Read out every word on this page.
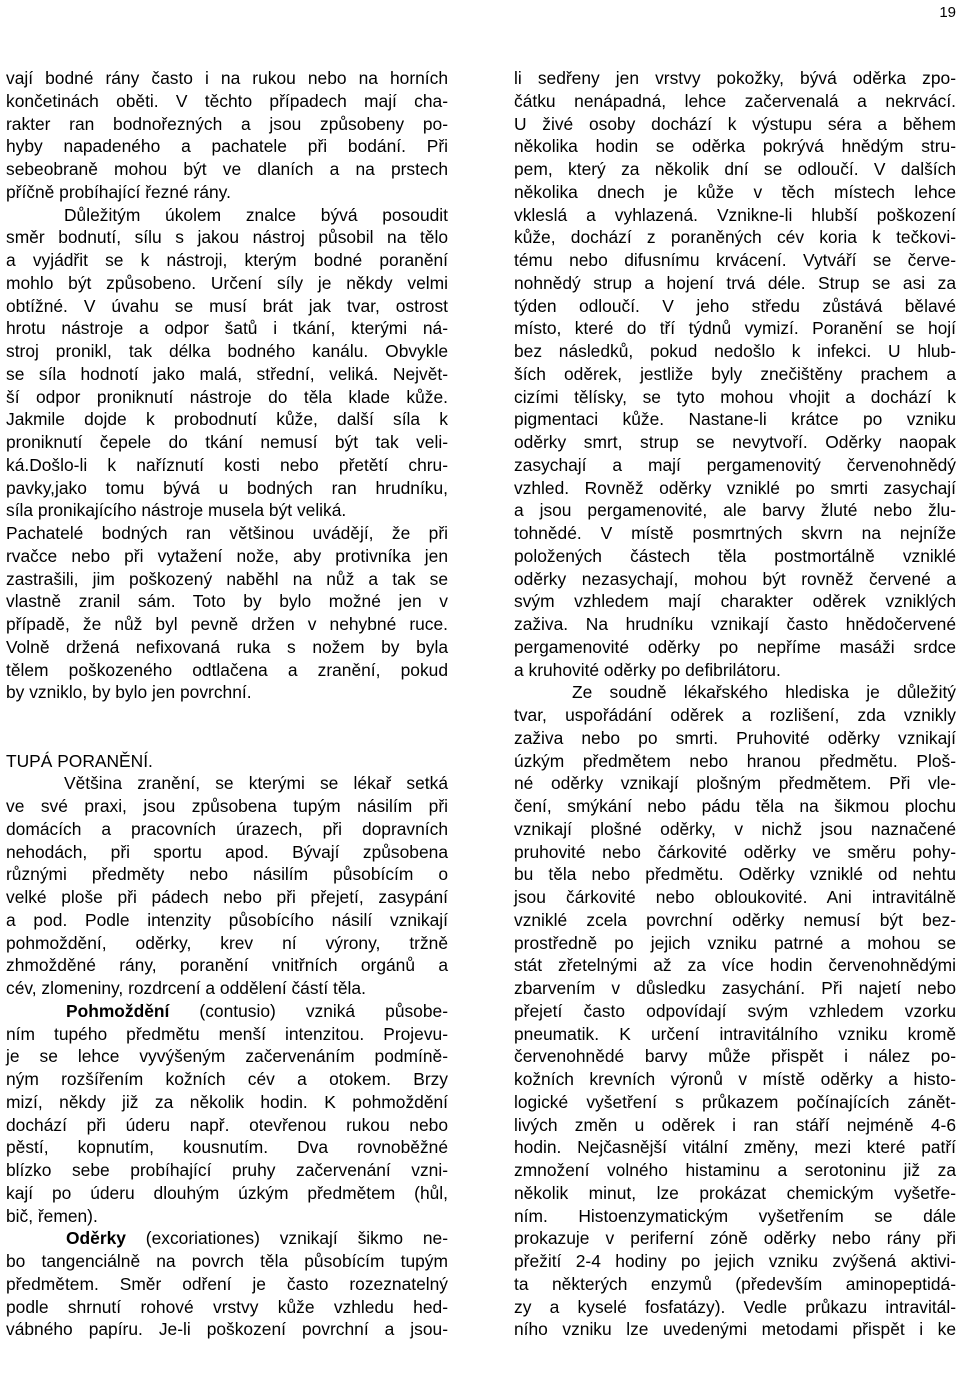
19
vají bodné rány často i na rukou nebo na horních
končetinách oběti. V těchto případech mají cha-
rakter ran bodnořezných a jsou způsobeny po-
hyby napadeného a pachatele při bodání. Při
sebeobraně mohou být ve dlaních a na prstech
příčně probíhající řezné rány.
Důležitým úkolem znalce bývá posoudit
směr bodnutí, sílu s jakou nástroj působil na tělo
a vyjádřit se k nástroji, kterým bodné poranění
mohlo být způsobeno. Určení síly je někdy velmi
obtížné. V úvahu se musí brát jak tvar, ostrost
hrotu nástroje a odpor šatů i tkání, kterými ná-
stroj pronikl, tak délka bodného kanálu. Obvykle
se síla hodnotí jako malá, střední, veliká. Největ-
ší odpor proniknutí nástroje do těla klade kůže.
Jakmile dojde k probodnutí kůže, další síla k
proniknutí čepele do tkání nemusí být tak veli-
ká.Došlo-li k naříznutí kosti nebo přetětí chru-
pavky,jako tomu bývá u bodných ran hrudníku,
síla pronikajícího nástroje musela být veliká.
Pachatelé bodných ran většinou uvádějí, že při
rvačce nebo při vytažení nože, aby protivníka jen
zastrašili, jim poškozený naběhl na nůž a tak se
vlastně zranil sám. Toto by bylo možné jen v
případě, že nůž byl pevně držen v nehybné ruce.
Volně držená nefixovaná ruka s nožem by byla
tělem poškozeného odtlačena a zranění, pokud
by vzniklo, by bylo jen povrchní.
TUPÁ PORANĚNÍ.
Většina zranění, se kterými se lékař setká
ve své praxi, jsou způsobena tupým násilím při
domácích a pracovních úrazech, při dopravních
nehodách, při sportu apod. Bývají způsobena
různými předměty nebo násilím působícím o
velké ploše při pádech nebo při přejetí, zasypání
a pod. Podle intenzity působícího násilí vznikají
pohmoždění, oděrky, krev ní výrony, tržně
zhmožděné rány, poranění vnitřních orgánů a
cév, zlomeniny, rozdrcení a oddělení částí těla.
Pohmoždění (contusio) vzniká působe-
ním tupého předmětu menší intenzitou. Projevu-
je se lehce vyvýšeným začervenáním podmíně-
ným rozšířením kožních cév a otokem. Brzy
mizí, někdy již za několik hodin. K pohmoždění
dochází při úderu např. otevřenou rukou nebo
pěstí, kopnutím, kousnutím. Dva rovnoběžné
blízko sebe probíhající pruhy začervenání vzni-
kají po úderu dlouhým úzkým předmětem (hůl,
bič, řemen).
Oděrky (excoriationes) vznikají šikmo ne-
bo tangenciálně na povrch těla působícím tupým
předmětem. Směr odření je často rozeznatelný
podle shrnutí rohové vrstvy kůže vzhledu hed-
vábného papíru. Je-li poškození povrchní a jsou-
li sedřeny jen vrstvy pokožky, bývá oděrka zpo-
čátku nenápadná, lehce začervenalá a nekrvácí.
U živé osoby dochází k výstupu séra a během
několika hodin se oděrka pokrývá hnědým stru-
pem, který za několik dní se odloučí. V dalších
několika dnech je kůže v těch místech lehce
vkleslá a vyhlazená. Vznikne-li hlubší poškození
kůže, dochází z poraněných cév koria k tečkovi-
tému nebo difusnímu krvácení. Vytváří se červe-
nohnědý strup a hojení trvá déle. Strup se asi za
týden odloučí. V jeho středu zůstává bělavé
místo, které do tří týdnů vymizí. Poranění se hojí
bez následků, pokud nedošlo k infekci. U hlub-
ších oděrek, jestliže byly znečištěny prachem a
cizími tělísky, se tyto mohou vhojit a dochází k
pigmentaci kůže. Nastane-li krátce po vzniku
oděrky smrt, strup se nevytvoří. Oděrky naopak
zasychají a mají pergamenovitý červenohnědý
vzhled. Rovněž oděrky vzniklé po smrti zasychají
a jsou pergamenovité, ale barvy žluté nebo žlu-
tohnědé. V místě posmrtných skvrn na nejníže
položených částech těla postmortálně vzniklé
oděrky nezasychají, mohou být rovněž červené a
svým vzhledem mají charakter oděrek vzniklých
zaživa. Na hrudníku vznikají často hnědočervené
pergamenovité oděrky po nepříme masáži srdce
a kruhovité oděrky po defibrilátoru.
Ze soudně lékařského hlediska je důležitý
tvar, uspořádání oděrek a rozlišení, zda vznikly
zaživa nebo po smrti. Pruhovité oděrky vznikají
úzkým předmětem nebo hranou předmětu. Ploš-
né oděrky vznikají plošným předmětem. Při vle-
čení, smýkání nebo pádu těla na šikmou plochu
vznikají plošné oděrky, v nichž jsou naznačené
pruhovité nebo čárkovité oděrky ve směru pohy-
bu těla nebo předmětu. Oděrky vzniklé od nehtu
jsou čárkovité nebo obloukovité. Ani intravitálně
vzniklé zcela povrchní oděrky nemusí být bez-
prostředně po jejich vzniku patrné a mohou se
stát zřetelnými až za více hodin červenohnědými
zbarvením v důsledku zasychání. Při najetí nebo
přejetí často odpovídají svým vzhledem vzorku
pneumatik. K určení intravitálního vzniku kromě
červenohnědé barvy může přispět i nález po-
kožních krevních výronů v místě oděrky a histo-
logické vyšetření s průkazem počínajících zánět-
livých změn u oděrek i ran stáří nejméně 4-6
hodin. Nejčasnější vitální změny, mezi které patří
zmnožení volného histaminu a serotoninu již za
několik minut, lze prokázat chemickým vyšetře-
ním. Histoenzymatickým vyšetřením se dále
prokazuje v periferní zóně oděrky nebo rány při
přežití 2-4 hodiny po jejich vzniku zvýšená aktivi-
ta některých enzymů (především aminopeptidá-
zy a kyselé fosfatázy). Vedle průkazu intravitál-
ního vzniku lze uvedenými metodami přispět i ke
